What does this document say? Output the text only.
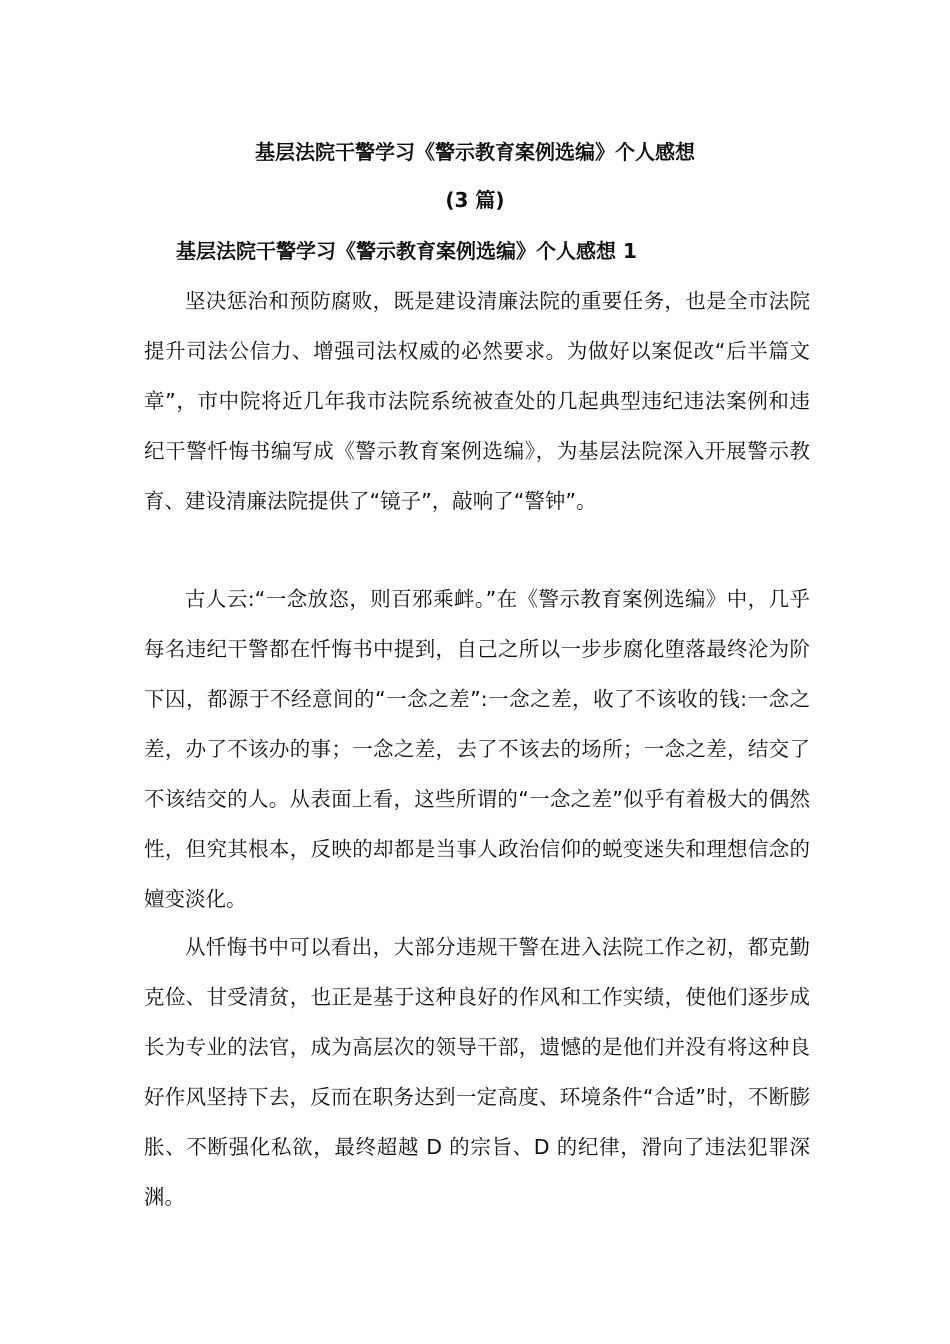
基层法院干警学习《警示教育案例选编》个人感想
(3 篇)
基层法院干警学习《警示教育案例选编》个人感想 1

坚决惩治和预防腐败，既是建设清廉法院的重要任务，也是全市法院提升司法公信力、增强司法权威的必然要求。为做好以案促改“后半篇文章”，市中院将近几年我市法院系统被查处的几起典型违纪违法案例和违纪干警忏悔书编写成《警示教育案例选编》，为基层法院深入开展警示教育、建设清廉法院提供了“镜子”，敲响了“警钟”。

古人云:“一念放恣，则百邪乘衅。”在《警示教育案例选编》中，几乎每名违纪干警都在忏悔书中提到，自己之所以一步步腐化堕落最终沦为阶下囚，都源于不经意间的“一念之差”:一念之差，收了不该收的钱:一念之差，办了不该办的事；一念之差，去了不该去的场所；一念之差，结交了不该结交的人。从表面上看，这些所谓的“一念之差”似乎有着极大的偶然性，但究其根本，反映的却都是当事人政治信仰的蜕变迷失和理想信念的嬗变淡化。

从忏悔书中可以看出，大部分违规干警在进入法院工作之初，都克勤克俭、甘受清贫，也正是基于这种良好的作风和工作实绩，使他们逐步成长为专业的法官，成为高层次的领导干部，遗憾的是他们并没有将这种良好作风坚持下去，反而在职务达到一定高度、环境条件“合适”时，不断膨胀、不断强化私欲，最终超越 D 的宗旨、D 的纪律，滑向了违法犯罪深渊。
